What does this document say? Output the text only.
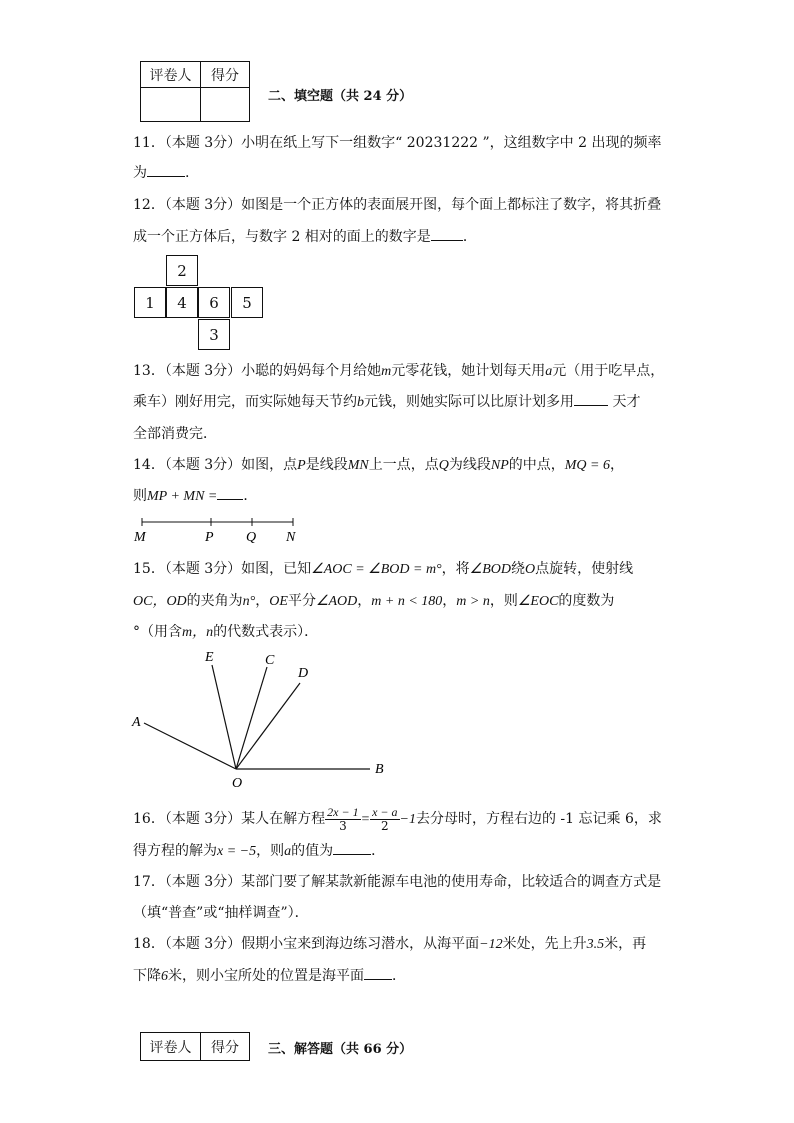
评卷人	得分

二、填空题（共 24 分）
11．（本题 3分）小明在纸上写下一组数字“ 20231222 ”，这组数字中 2 出现的频率
为	.
12．（本题 3分）如图是一个正方体的表面展开图，每个面上都标注了数字，将其折叠
成一个正方体后，与数字 2 相对的面上的数字是 ．
2
1	4	6	5
3
13．（本题 3分）小聪的妈妈每个月给她m元零花钱，她计划每天用a元（用于吃早点，
乘车）刚好用完，而实际她每天节约b元钱，则她实际可以比原计划多用 天才
全部消费完．
14．（本题 3分）如图，点P是线段MN上一点，点Q为线段NP的中点，MQ = 6，
则MP + MN = ．
M	P Q N
15．（本题 3分）如图，已知∠AOC = ∠BOD = m°，将∠BOD绕O点旋转，使射线
OC，OD的夹角为n°，OE平分∠AOD，m + n < 180，m > n，则∠EOC的度数为
°（用含m，n的代数式表示）．
E	C
D
A
O
B
16．（本题 3分）某人在解方程 $\frac{2x - 1}{3} = \frac{x - a}{2} -1$去分母时，方程右边的 -1 忘记乘 6，求
得方程的解为x = −5，则a的值为	．
17．（本题 3分）某部门要了解某款新能源车电池的使用寿命，比较适合的调查方式是
（填“普查”或“抽样调查”）．
18．（本题 3分）假期小宝来到海边练习潜水，从海平面−12米处，先上升3.5米，再
下降6米，则小宝所处的位置是海平面 ．
评卷人	得分 三、解答题（共 66 分）
